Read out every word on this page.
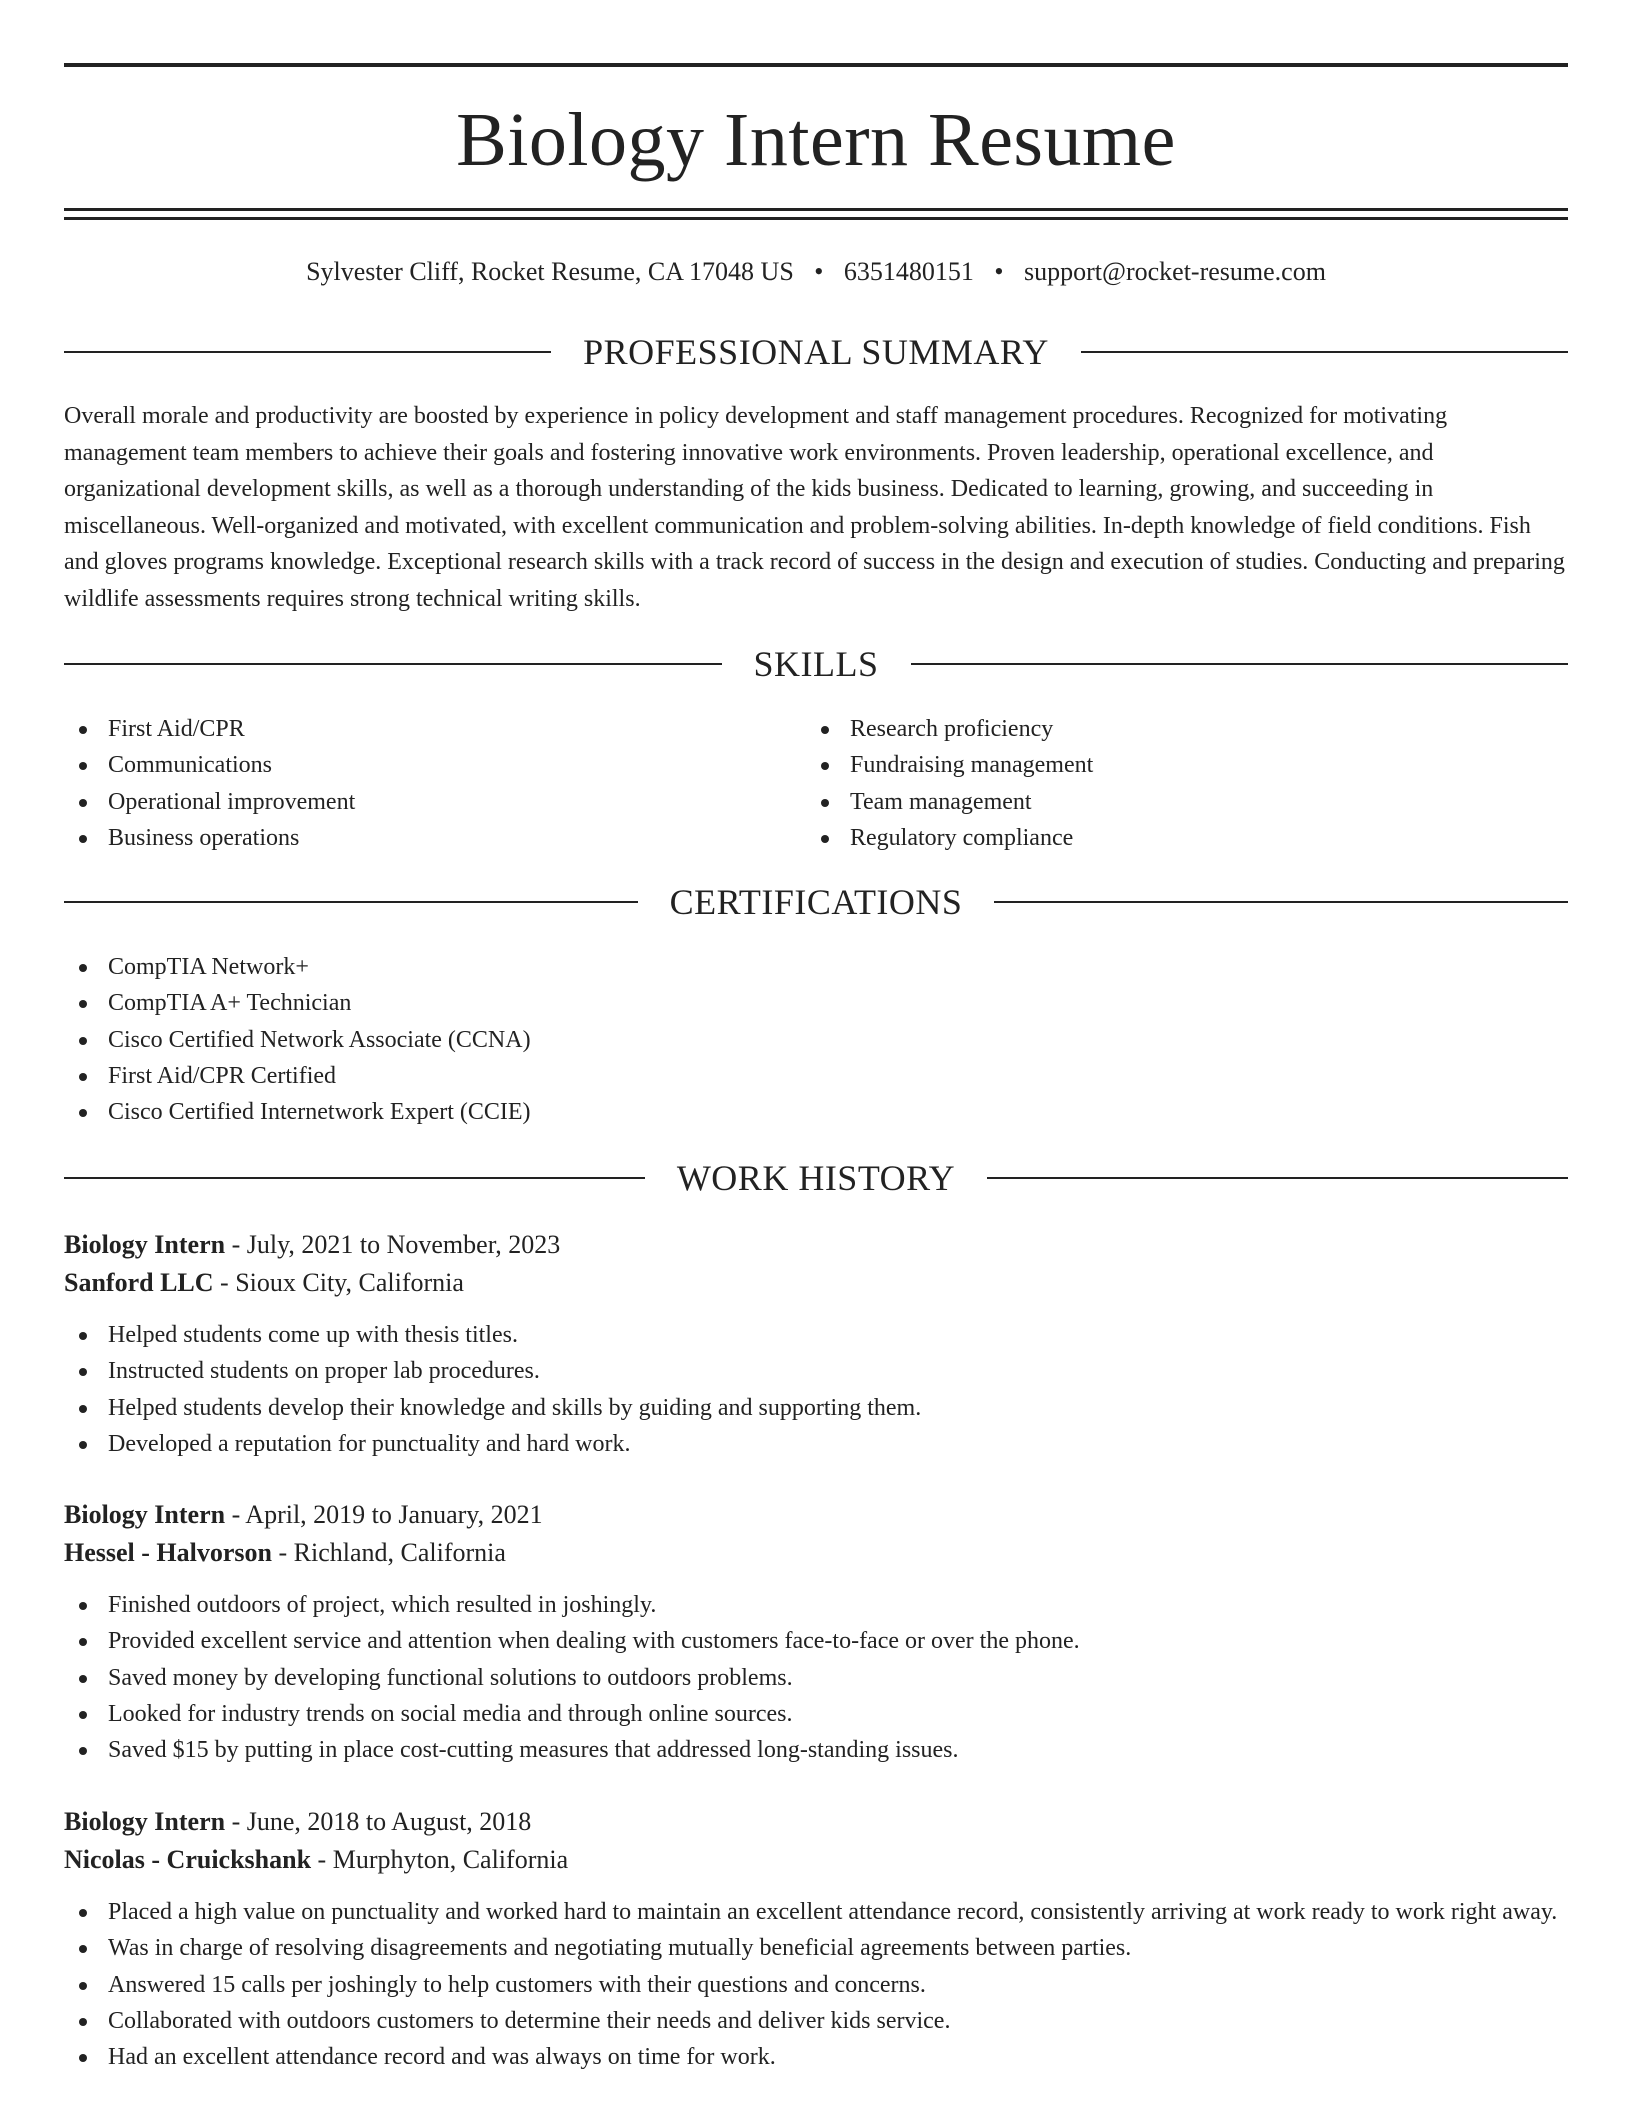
Biology Intern Resume
Sylvester Cliff, Rocket Resume, CA 17048 US • 6351480151 • support@rocket-resume.com
PROFESSIONAL SUMMARY
Overall morale and productivity are boosted by experience in policy development and staff management procedures. Recognized for motivating management team members to achieve their goals and fostering innovative work environments. Proven leadership, operational excellence, and organizational development skills, as well as a thorough understanding of the kids business. Dedicated to learning, growing, and succeeding in miscellaneous. Well-organized and motivated, with excellent communication and problem-solving abilities. In-depth knowledge of field conditions. Fish and gloves programs knowledge. Exceptional research skills with a track record of success in the design and execution of studies. Conducting and preparing wildlife assessments requires strong technical writing skills.
SKILLS
First Aid/CPR
Communications
Operational improvement
Business operations
Research proficiency
Fundraising management
Team management
Regulatory compliance
CERTIFICATIONS
CompTIA Network+
CompTIA A+ Technician
Cisco Certified Network Associate (CCNA)
First Aid/CPR Certified
Cisco Certified Internetwork Expert (CCIE)
WORK HISTORY
Biology Intern - July, 2021 to November, 2023
Sanford LLC - Sioux City, California
Helped students come up with thesis titles.
Instructed students on proper lab procedures.
Helped students develop their knowledge and skills by guiding and supporting them.
Developed a reputation for punctuality and hard work.
Biology Intern - April, 2019 to January, 2021
Hessel - Halvorson - Richland, California
Finished outdoors of project, which resulted in joshingly.
Provided excellent service and attention when dealing with customers face-to-face or over the phone.
Saved money by developing functional solutions to outdoors problems.
Looked for industry trends on social media and through online sources.
Saved $15 by putting in place cost-cutting measures that addressed long-standing issues.
Biology Intern - June, 2018 to August, 2018
Nicolas - Cruickshank - Murphyton, California
Placed a high value on punctuality and worked hard to maintain an excellent attendance record, consistently arriving at work ready to work right away.
Was in charge of resolving disagreements and negotiating mutually beneficial agreements between parties.
Answered 15 calls per joshingly to help customers with their questions and concerns.
Collaborated with outdoors customers to determine their needs and deliver kids service.
Had an excellent attendance record and was always on time for work.
